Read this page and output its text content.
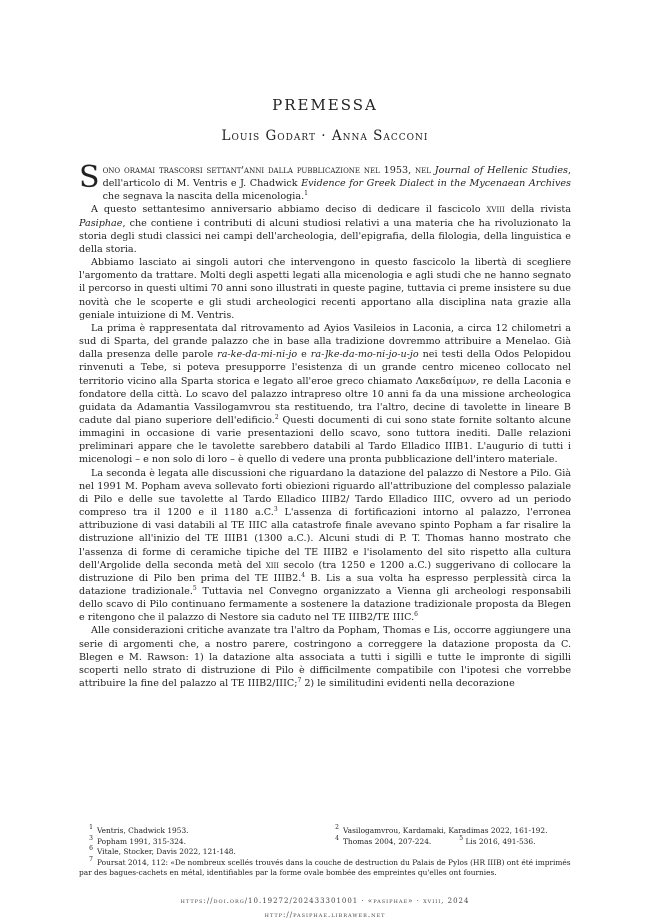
PREMESSA
Louis Godart · Anna Sacconi

Sono oramai trascorsi settant'anni dalla pubblicazione nel 1953, nel Journal of Hellenic Studies, dell'articolo di M. Ventris e J. Chadwick Evidence for Greek Dialect in the Mycenaean Archives che segnava la nascita della micenologia.$^1$

A questo settantesimo anniversario abbiamo deciso di dedicare il fascicolo xviii della rivista Pasiphae, che contiene i contributi di alcuni studiosi relativi a una materia che ha rivoluzionato la storia degli studi classici nei campi dell'archeologia, dell'epigrafia, della filologia, della linguistica e della storia.

Abbiamo lasciato ai singoli autori che intervengono in questo fascicolo la libertà di scegliere l'argomento da trattare. Molti degli aspetti legati alla micenologia e agli studi che ne hanno segnato il percorso in questi ultimi 70 anni sono illustrati in queste pagine, tuttavia ci preme insistere su due novità che le scoperte e gli studi archeologici recenti apportano alla disciplina nata grazie alla geniale intuizione di M. Ventris.

La prima è rappresentata dal ritrovamento ad Ayios Vasileios in Laconia, a circa 12 chilometri a sud di Sparta, del grande palazzo che in base alla tradizione dovremmo attribuire a Menelao. Già dalla presenza delle parole ra-ke-da-mi-ni-jo e ra-]ke-da-mo-ni-jo-u-jo nei testi della Odos Pelopidou rinvenuti a Tebe, si poteva presupporre l'esistenza di un grande centro miceneo collocato nel territorio vicino alla Sparta storica e legato all'eroe greco chiamato Λακεδαίμων, re della Laconia e fondatore della città. Lo scavo del palazzo intrapreso oltre 10 anni fa da una missione archeologica guidata da Adamantia Vassilogamvrou sta restituendo, tra l'altro, decine di tavolette in lineare B cadute dal piano superiore dell'edificio.$^2$ Questi documenti di cui sono state fornite soltanto alcune immagini in occasione di varie presentazioni dello scavo, sono tuttora inediti. Dalle relazioni preliminari appare che le tavolette sarebbero databili al Tardo Elladico IIIB1. L'augurio di tutti i micenologi – e non solo di loro – è quello di vedere una pronta pubblicazione dell'intero materiale.

La seconda è legata alle discussioni che riguardano la datazione del palazzo di Nestore a Pilo. Già nel 1991 M. Popham aveva sollevato forti obiezioni riguardo all'attribuzione del complesso palaziale di Pilo e delle sue tavolette al Tardo Elladico IIIB2/ Tardo Elladico IIIC, ovvero ad un periodo compreso tra il 1200 e il 1180 a.C.$^3$ L'assenza di fortificazioni intorno al palazzo, l'erronea attribuzione di vasi databili al TE IIIC alla catastrofe finale avevano spinto Popham a far risalire la distruzione all'inizio del TE IIIB1 (1300 a.C.). Alcuni studi di P. T. Thomas hanno mostrato che l'assenza di forme di ceramiche tipiche del TE IIIB2 e l'isolamento del sito rispetto alla cultura dell'Argolide della seconda metà del xiii secolo (tra 1250 e 1200 a.C.) suggerivano di collocare la distruzione di Pilo ben prima del TE IIIB2.$^4$ B. Lis a sua volta ha espresso perplessità circa la datazione tradizionale.$^5$ Tuttavia nel Convegno organizzato a Vienna gli archeologi responsabili dello scavo di Pilo continuano fermamente a sostenere la datazione tradizionale proposta da Blegen e ritengono che il palazzo di Nestore sia caduto nel TE IIIB2/TE IIIC.$^6$

Alle considerazioni critiche avanzate tra l'altro da Popham, Thomas e Lis, occorre aggiungere una serie di argomenti che, a nostro parere, costringono a correggere la datazione proposta da C. Blegen e M. Rawson: 1) la datazione alta associata a tutti i sigilli e tutte le impronte di sigilli scoperti nello strato di distruzione di Pilo è difficilmente compatibile con l'ipotesi che vorrebbe attribuire la fine del palazzo al TE IIIB2/IIIC;$^7$ 2) le similitudini evidenti nella decorazione

$^1$ Ventris, Chadwick 1953.	$^2$ Vasilogamvrou, Kardamaki, Karadimas 2022, 161-192.
$^3$ Popham 1991, 315-324.	$^4$ Thomas 2004, 207-224.	$^5$ Lis 2016, 491-536.
$^6$ Vitale, Stocker, Davis 2022, 121-148.
$^7$ Poursat 2014, 112: «De nombreux scellés trouvés dans la couche de destruction du Palais de Pylos (HR IIIB) ont été imprimés par des bagues-cachets en métal, identifiables par la forme ovale bombée des empreintes qu'elles ont fournies.
https://doi.org/10.19272/202433301001 · «pasiphae» · xviii, 2024
http://pasiphae.libraweb.net
